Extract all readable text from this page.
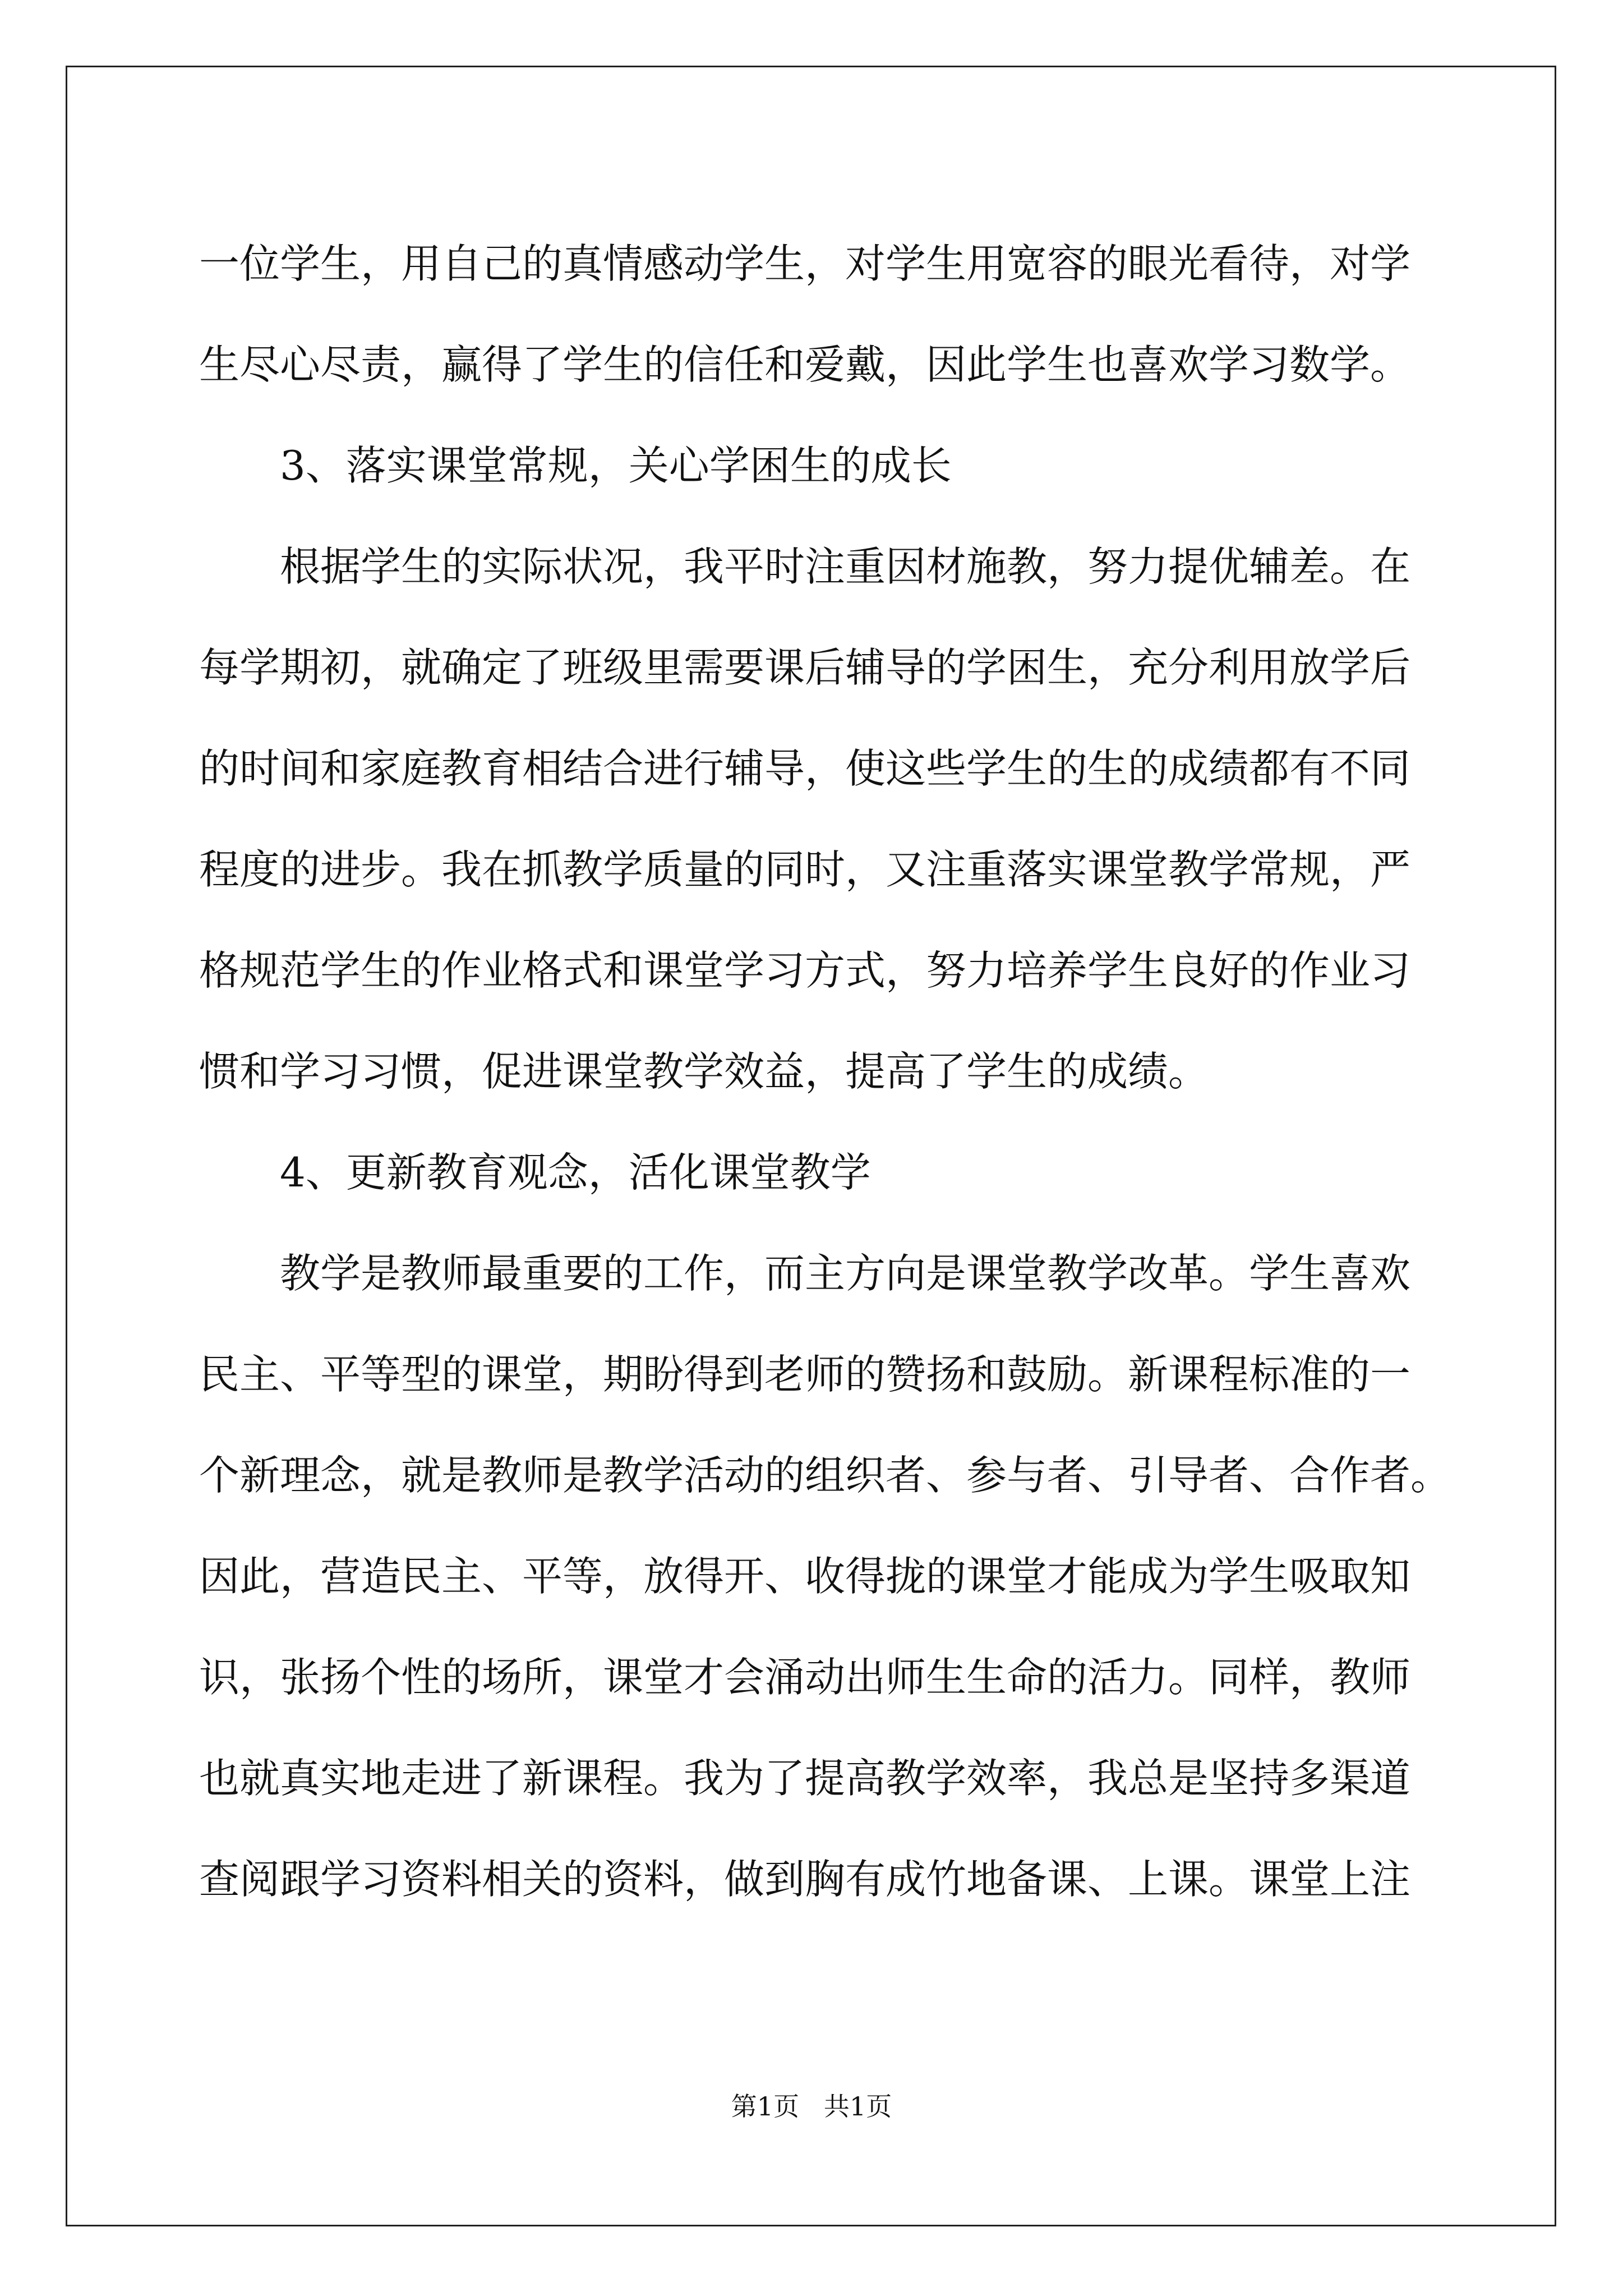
一位学生，用自己的真情感动学生，对学生用宽容的眼光看待，对学

生尽心尽责，赢得了学生的信任和爱戴，因此学生也喜欢学习数学。

3、落实课堂常规，关心学困生的成长

根据学生的实际状况，我平时注重因材施教，努力提优辅差。在

每学期初，就确定了班级里需要课后辅导的学困生，充分利用放学后

的时间和家庭教育相结合进行辅导，使这些学生的生的成绩都有不同

程度的进步。我在抓教学质量的同时，又注重落实课堂教学常规，严

格规范学生的作业格式和课堂学习方式，努力培养学生良好的作业习

惯和学习习惯，促进课堂教学效益，提高了学生的成绩。

4、更新教育观念，活化课堂教学

教学是教师最重要的工作，而主方向是课堂教学改革。学生喜欢

民主、平等型的课堂，期盼得到老师的赞扬和鼓励。新课程标准的一

个新理念，就是教师是教学活动的组织者、参与者、引导者、合作者。

因此，营造民主、平等，放得开、收得拢的课堂才能成为学生吸取知

识，张扬个性的场所，课堂才会涌动出师生生命的活力。同样，教师

也就真实地走进了新课程。我为了提高教学效率，我总是坚持多渠道

查阅跟学习资料相关的资料，做到胸有成竹地备课、上课。课堂上注

第1页   共1页
